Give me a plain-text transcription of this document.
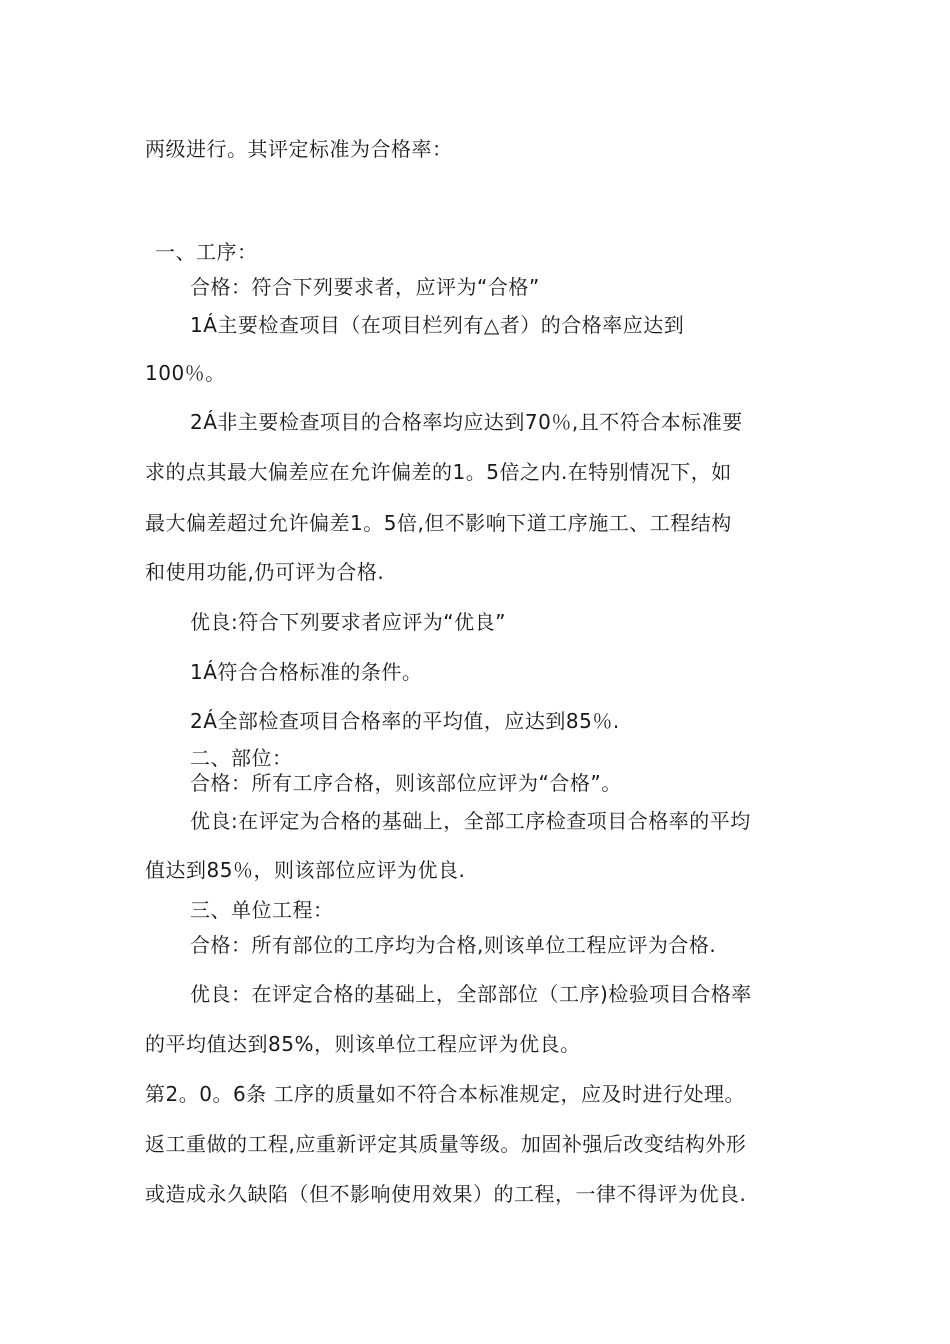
两级进行。其评定标准为合格率：
一、工序：
合格：符合下列要求者，应评为“合格”
1Á主要检查项目（在项目栏列有△者）的合格率应达到
100％。
2Á非主要检查项目的合格率均应达到70％,且不符合本标准要
求的点其最大偏差应在允许偏差的1。5倍之内.在特别情况下，如
最大偏差超过允许偏差1。5倍,但不影响下道工序施工、工程结构
和使用功能,仍可评为合格.
优良:符合下列要求者应评为“优良”
1Á符合合格标准的条件。
2Á全部检查项目合格率的平均值，应达到85％.
二、部位：
合格：所有工序合格，则该部位应评为“合格”。
优良:在评定为合格的基础上，全部工序检查项目合格率的平均
值达到85％，则该部位应评为优良.
三、单位工程：
合格：所有部位的工序均为合格,则该单位工程应评为合格.
优良：在评定合格的基础上，全部部位（工序)检验项目合格率
的平均值达到85%，则该单位工程应评为优良。
第2。0。6条 工序的质量如不符合本标准规定，应及时进行处理。
返工重做的工程,应重新评定其质量等级。加固补强后改变结构外形
或造成永久缺陷（但不影响使用效果）的工程，一律不得评为优良.
